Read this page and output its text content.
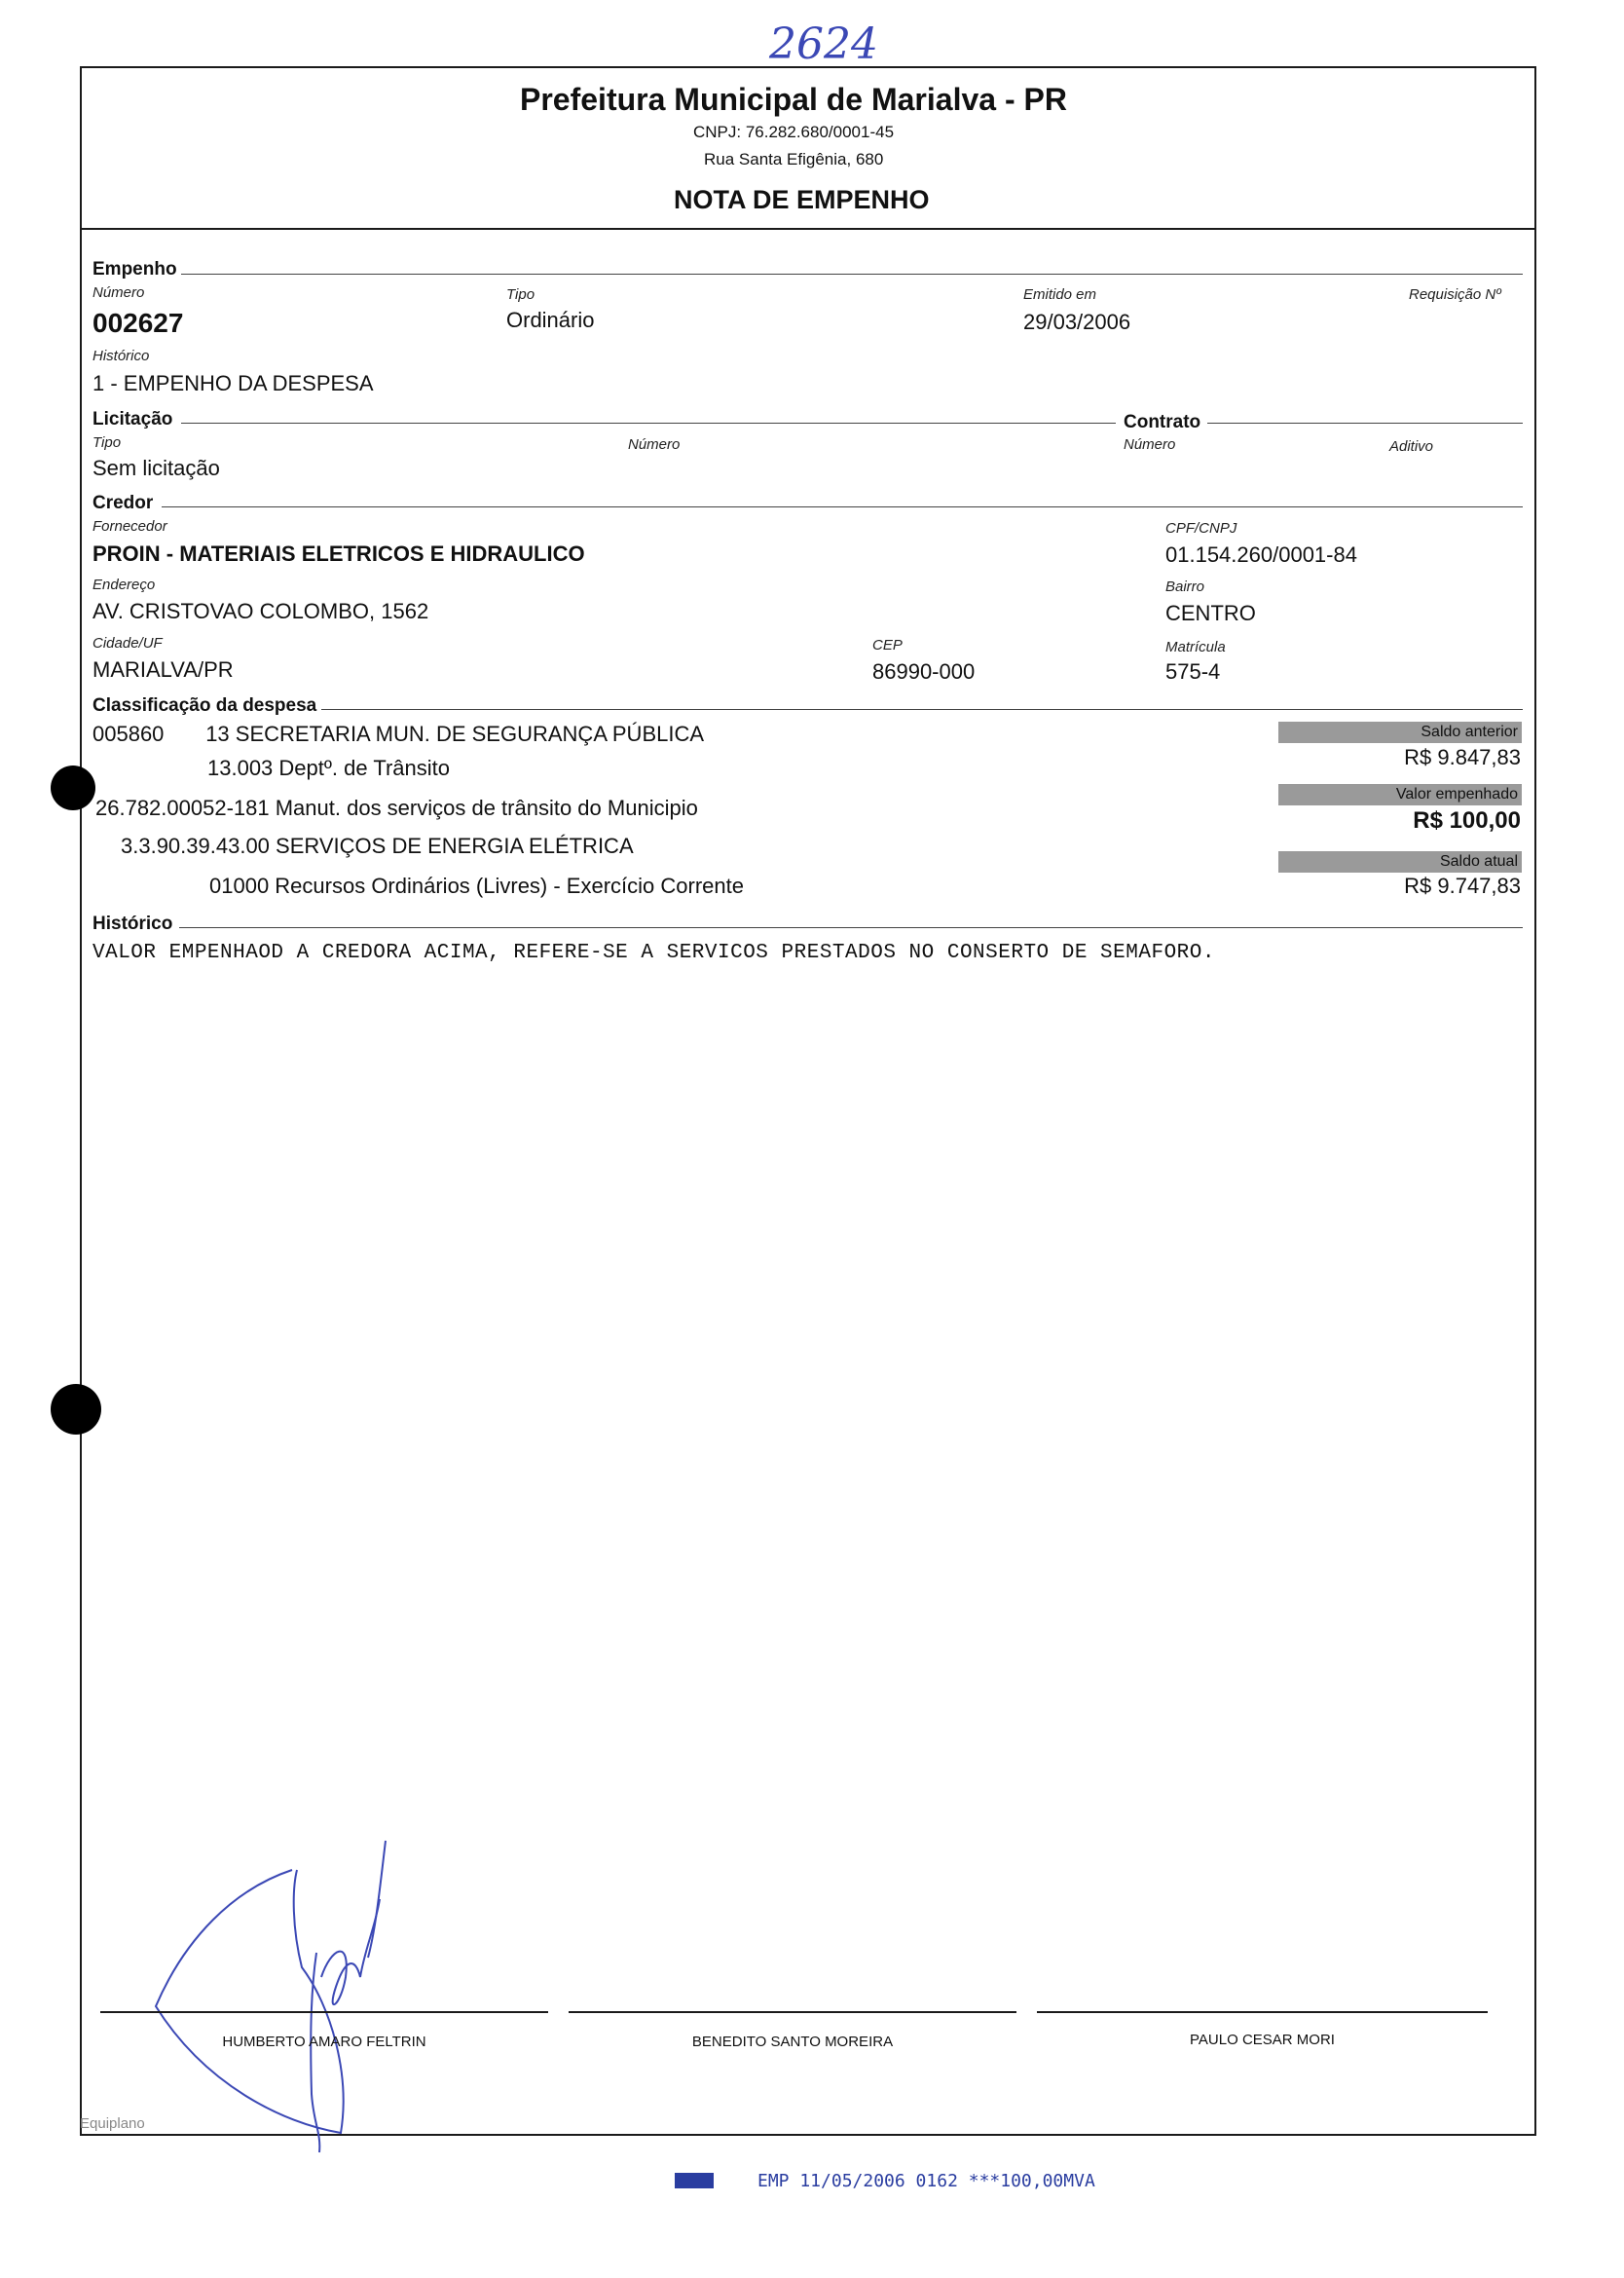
2624
Prefeitura Municipal de Marialva - PR
CNPJ: 76.282.680/0001-45
Rua Santa Efigênia, 680
NOTA DE EMPENHO
Empenho
Número
002627
Tipo
Ordinário
Emitido em
29/03/2006
Requisição Nº
Histórico
1 - EMPENHO DA DESPESA
Licitação	Contrato
Tipo
Sem licitação
Número	Número	Aditivo
Credor
Fornecedor
PROIN - MATERIAIS ELETRICOS E HIDRAULICO
CPF/CNPJ
01.154.260/0001-84
Endereço
AV. CRISTOVAO COLOMBO, 1562
Bairro
CENTRO
Cidade/UF
MARIALVA/PR
CEP
86990-000
Matrícula
575-4
Classificação da despesa
005860       13 SECRETARIA MUN. DE SEGURANÇA PÚBLICA
13.003 Deptº. de Trânsito
26.782.00052-181 Manut. dos serviços de trânsito do Municipio
3.3.90.39.43.00 SERVIÇOS DE ENERGIA ELÉTRICA
01000 Recursos Ordinários (Livres) - Exercício Corrente
Saldo anterior
R$ 9.847,83
Valor empenhado
R$ 100,00
Saldo atual
R$ 9.747,83
Histórico
VALOR EMPENHAOD A CREDORA ACIMA, REFERE-SE A SERVICOS PRESTADOS NO CONSERTO DE SEMAFORO.
HUMBERTO AMARO FELTRIN	BENEDITO SANTO MOREIRA	PAULO CESAR MORI
Equiplano
EMP 11/05/2006 0162 ***100,00MVA
